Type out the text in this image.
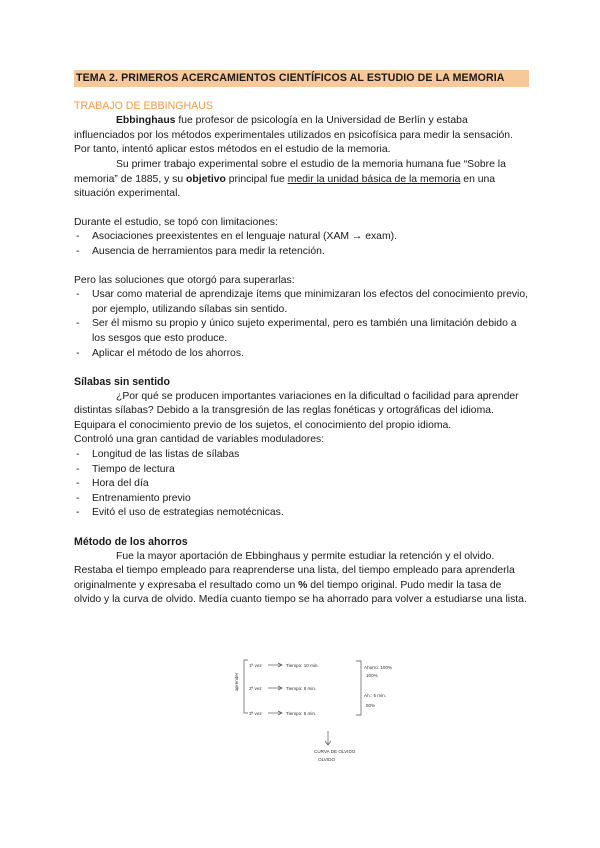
TEMA 2. PRIMEROS ACERCAMIENTOS CIENTÍFICOS AL ESTUDIO DE LA MEMORIA
TRABAJO DE EBBINGHAUS

Ebbinghaus fue profesor de psicología en la Universidad de Berlín y estaba influenciados por los métodos experimentales utilizados en psicofísica para medir la sensación. Por tanto, intentó aplicar estos métodos en el estudio de la memoria.

Su primer trabajo experimental sobre el estudio de la memoria humana fue “Sobre la memoria” de 1885, y su objetivo principal fue medir la unidad básica de la memoria en una situación experimental.

Durante el estudio, se topó con limitaciones:

- Asociaciones preexistentes en el lenguaje natural (XAM → exam).
- Ausencia de herramientos para medir la retención.

Pero las soluciones que otorgó para superarlas:

- Usar como material de aprendizaje ítems que minimizaran los efectos del conocimiento previo, por ejemplo, utilizando sílabas sin sentido.
- Ser él mismo su propio y único sujeto experimental, pero es también una limitación debido a los sesgos que esto produce.
- Aplicar el método de los ahorros.
Sílabas sin sentido

¿Por qué se producen importantes variaciones en la dificultad o facilidad para aprender distintas sílabas? Debido a la transgresión de las reglas fonéticas y ortográficas del idioma. Equipara el conocimiento previo de los sujetos, el conocimiento del propio idioma.

Controló una gran cantidad de variables moduladores:

- Longitud de las listas de sílabas
- Tiempo de lectura
- Hora del día
- Entrenamiento previo
- Evitó el uso de estrategias nemotécnicas.
Método de los ahorros

Fue la mayor aportación de Ebbinghaus y permite estudiar la retención y el olvido. Restaba el tiempo empleado para reaprenderse una lista, del tiempo empleado para aprenderla originalmente y expresaba el resultado como un % del tiempo original. Pudo medir la tasa de olvido y la curva de olvido. Medía cuanto tiempo se ha ahorrado para volver a estudiarse una lista.

1ª vez	Tiempo: 10 min.
aprender 2ª vez	Tiempo: 8 min.
3ª vez	Tiempo: 5 min.
Ahorro: 100%
100%
Ah.: 5 min.
50%
CURVA DE OLVIDO
OLVIDO
